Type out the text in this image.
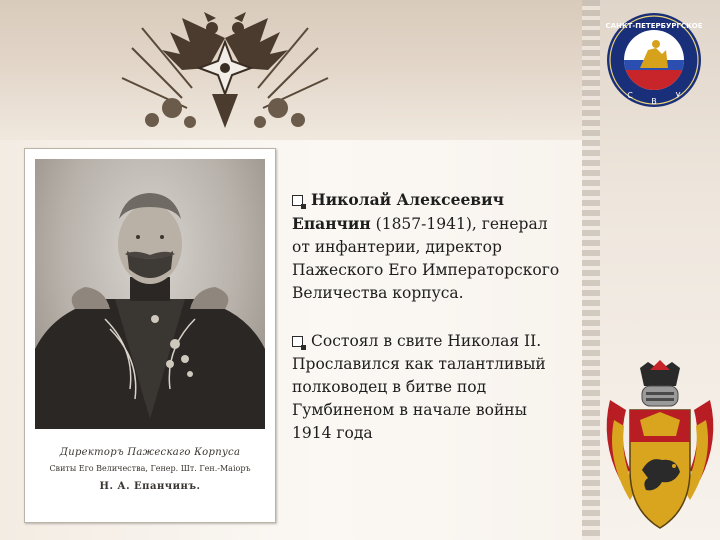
САНКТ-ПЕТЕРБУРГСКОЕ
С
В
У
Директоръ Пажескаго Корпуса
Свиты Его Величества, Генер. Шт. Ген.-Маіоръ
Н. А. Епанчинъ.

Николай Алексеевич Епанчин (1857-1941), генерал от инфантерии, директор Пажеского Его Императорского Величества корпуса.

Состоял в свите Николая II. Прославился как талантливый полководец в битве под Гумбиненом в начале войны 1914 года
